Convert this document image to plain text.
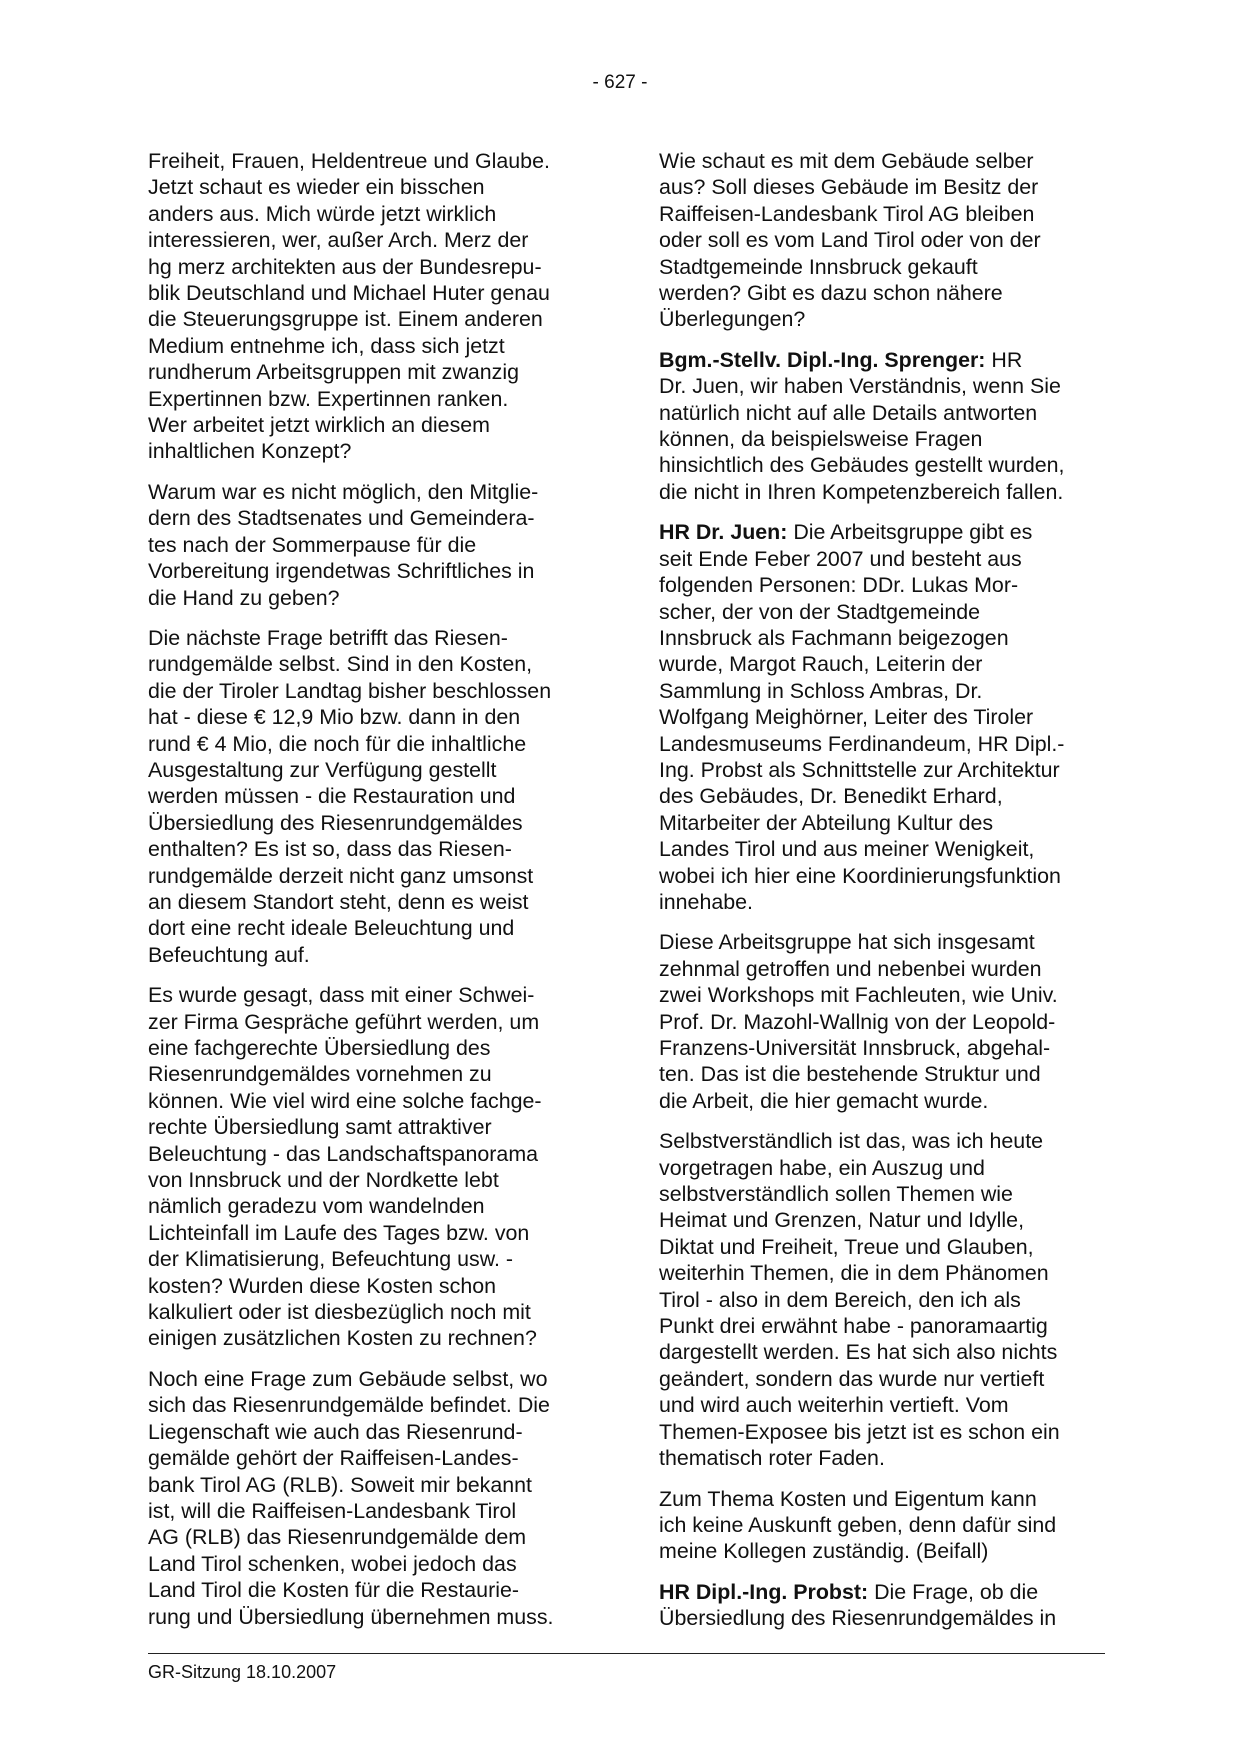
- 627 -
Freiheit, Frauen, Heldentreue und Glaube.
Jetzt schaut es wieder ein bisschen
anders aus. Mich würde jetzt wirklich
interessieren, wer, außer Arch. Merz der
hg merz architekten aus der Bundesrepu-
blik Deutschland und Michael Huter genau
die Steuerungsgruppe ist. Einem anderen
Medium entnehme ich, dass sich jetzt
rundherum Arbeitsgruppen mit zwanzig
Expertinnen bzw. Expertinnen ranken.
Wer arbeitet jetzt wirklich an diesem
inhaltlichen Konzept?
Warum war es nicht möglich, den Mitglie-
dern des Stadtsenates und Gemeindera-
tes nach der Sommerpause für die
Vorbereitung irgendetwas Schriftliches in
die Hand zu geben?
Die nächste Frage betrifft das Riesen-
rundgemälde selbst. Sind in den Kosten,
die der Tiroler Landtag bisher beschlossen
hat - diese € 12,9 Mio bzw. dann in den
rund € 4 Mio, die noch für die inhaltliche
Ausgestaltung zur Verfügung gestellt
werden müssen - die Restauration und
Übersiedlung des Riesenrundgemäldes
enthalten? Es ist so, dass das Riesen-
rundgemälde derzeit nicht ganz umsonst
an diesem Standort steht, denn es weist
dort eine recht ideale Beleuchtung und
Befeuchtung auf.
Es wurde gesagt, dass mit einer Schwei-
zer Firma Gespräche geführt werden, um
eine fachgerechte Übersiedlung des
Riesenrundgemäldes vornehmen zu
können. Wie viel wird eine solche fachge-
rechte Übersiedlung samt attraktiver
Beleuchtung - das Landschaftspanorama
von Innsbruck und der Nordkette lebt
nämlich geradezu vom wandelnden
Lichteinfall im Laufe des Tages bzw. von
der Klimatisierung, Befeuchtung usw. -
kosten? Wurden diese Kosten schon
kalkuliert oder ist diesbezüglich noch mit
einigen zusätzlichen Kosten zu rechnen?
Noch eine Frage zum Gebäude selbst, wo
sich das Riesenrundgemälde befindet. Die
Liegenschaft wie auch das Riesenrund-
gemälde gehört der Raiffeisen-Landes-
bank Tirol AG (RLB). Soweit mir bekannt
ist, will die Raiffeisen-Landesbank Tirol
AG (RLB) das Riesenrundgemälde dem
Land Tirol schenken, wobei jedoch das
Land Tirol die Kosten für die Restaurie-
rung und Übersiedlung übernehmen muss.
Wie schaut es mit dem Gebäude selber
aus? Soll dieses Gebäude im Besitz der
Raiffeisen-Landesbank Tirol AG bleiben
oder soll es vom Land Tirol oder von der
Stadtgemeinde Innsbruck gekauft
werden? Gibt es dazu schon nähere
Überlegungen?
Bgm.-Stellv. Dipl.-Ing. Sprenger: HR
Dr. Juen, wir haben Verständnis, wenn Sie
natürlich nicht auf alle Details antworten
können, da beispielsweise Fragen
hinsichtlich des Gebäudes gestellt wurden,
die nicht in Ihren Kompetenzbereich fallen.
HR Dr. Juen: Die Arbeitsgruppe gibt es
seit Ende Feber 2007 und besteht aus
folgenden Personen: DDr. Lukas Mor-
scher, der von der Stadtgemeinde
Innsbruck als Fachmann beigezogen
wurde, Margot Rauch, Leiterin der
Sammlung in Schloss Ambras, Dr.
Wolfgang Meighörner, Leiter des Tiroler
Landesmuseums Ferdinandeum, HR Dipl.-
Ing. Probst als Schnittstelle zur Architektur
des Gebäudes, Dr. Benedikt Erhard,
Mitarbeiter der Abteilung Kultur des
Landes Tirol und aus meiner Wenigkeit,
wobei ich hier eine Koordinierungsfunktion
innehabe.
Diese Arbeitsgruppe hat sich insgesamt
zehnmal getroffen und nebenbei wurden
zwei Workshops mit Fachleuten, wie Univ.
Prof. Dr. Mazohl-Wallnig von der Leopold-
Franzens-Universität Innsbruck, abgehal-
ten. Das ist die bestehende Struktur und
die Arbeit, die hier gemacht wurde.
Selbstverständlich ist das, was ich heute
vorgetragen habe, ein Auszug und
selbstverständlich sollen Themen wie
Heimat und Grenzen, Natur und Idylle,
Diktat und Freiheit, Treue und Glauben,
weiterhin Themen, die in dem Phänomen
Tirol - also in dem Bereich, den ich als
Punkt drei erwähnt habe - panoramaartig
dargestellt werden. Es hat sich also nichts
geändert, sondern das wurde nur vertieft
und wird auch weiterhin vertieft. Vom
Themen-Exposee bis jetzt ist es schon ein
thematisch roter Faden.
Zum Thema Kosten und Eigentum kann
ich keine Auskunft geben, denn dafür sind
meine Kollegen zuständig. (Beifall)
HR Dipl.-Ing. Probst: Die Frage, ob die
Übersiedlung des Riesenrundgemäldes in
GR-Sitzung 18.10.2007
